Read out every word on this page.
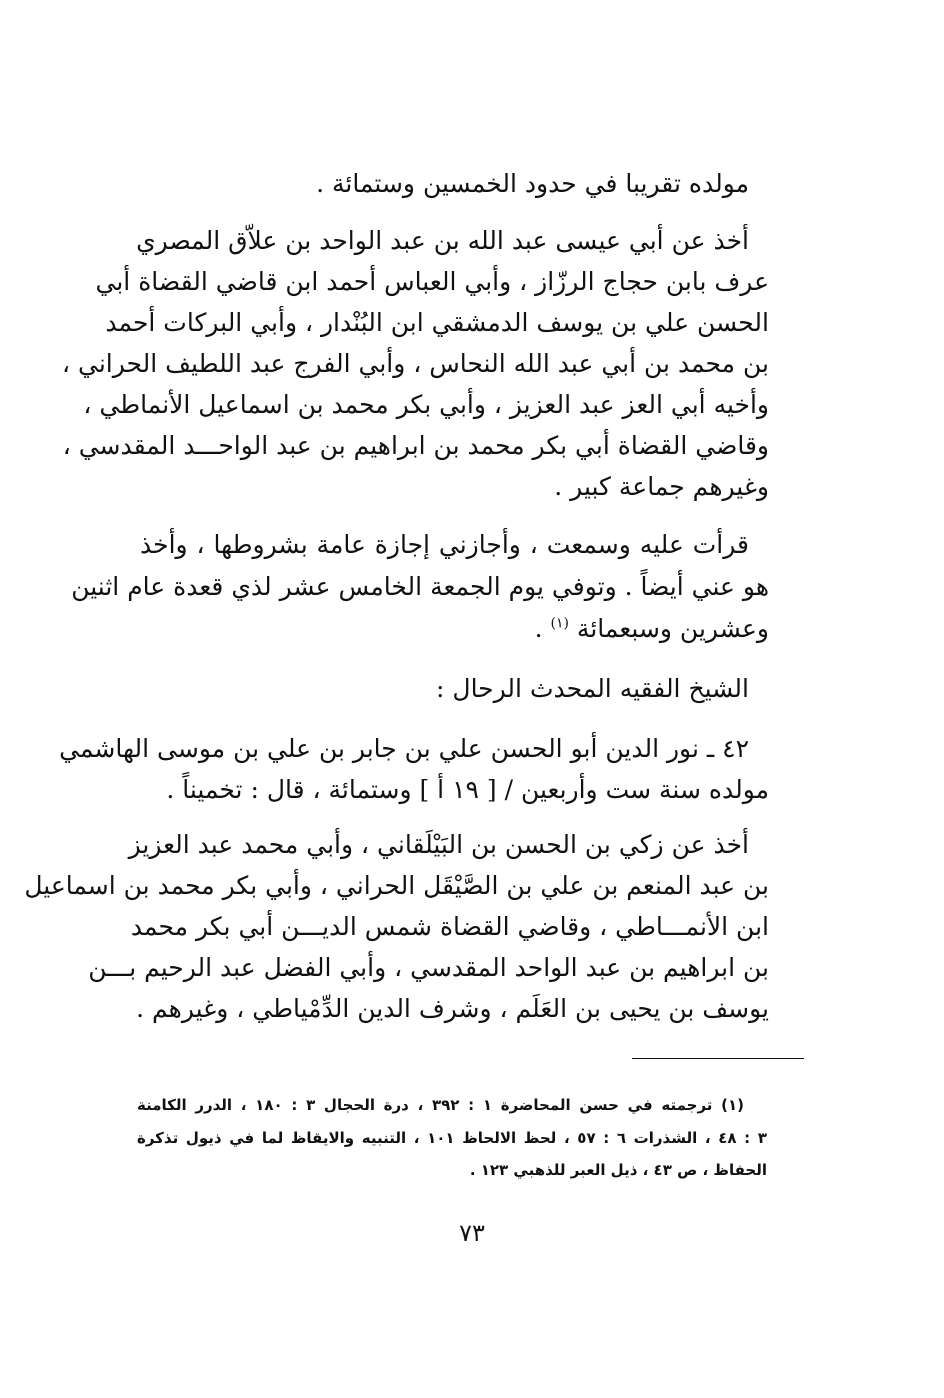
مولده تقريبا في حدود الخمسين وستمائة .
أخذ عن أبي عيسى عبد الله بن عبد الواحد بن علاّق المصري
عرف بابن حجاج الرزّاز ، وأبي العباس أحمد ابن قاضي القضاة أبي
الحسن علي بن يوسف الدمشقي ابن البُنْدار ، وأبي البركات أحمد
بن محمد بن أبي عبد الله النحاس ، وأبي الفرج عبد اللطيف الحراني ،
وأخيه أبي العز عبد العزيز ، وأبي بكر محمد بن اسماعيل الأنماطي ،
وقاضي القضاة أبي بكر محمد بن ابراهيم بن عبد الواحـــد المقدسي ،
وغيرهم جماعة كبير .
قرأت عليه وسمعت ، وأجازني إجازة عامة بشروطها ، وأخذ
هو عني أيضاً . وتوفي يوم الجمعة الخامس عشر لذي قعدة عام اثنين
وعشرين وسبعمائة $^{(١)}$ .
الشيخ الفقيه المحدث الرحال :
٤٢ ـ نور الدين أبو الحسن علي بن جابر بن علي بن موسى الهاشمي
مولده سنة ست وأربعين / [ ١٩ أ ] وستمائة ، قال : تخميناً .
أخذ عن زكي بن الحسن بن البَيْلَقاني ، وأبي محمد عبد العزيز
بن عبد المنعم بن علي بن الصَّيْقَل الحراني ، وأبي بكر محمد بن اسماعيل
ابن الأنمـــاطي ، وقاضي القضاة شمس الديـــن أبي بكر محمد
بن ابراهيم بن عبد الواحد المقدسي ، وأبي الفضل عبد الرحيم بـــن
يوسف بن يحيى بن العَلَم ، وشرف الدين الدِّمْياطي ، وغيرهم .
(١) ترجمته في حسن المحاضرة ١ : ٣٩٢ ، درة الحجال ٣ : ١٨٠ ، الدرر الكامنة
٣ : ٤٨ ، الشذرات ٦ : ٥٧ ، لحظ الالحاظ ١٠١ ، التنبيه والايقاظ لما في ذيول تذكرة
الحفاظ ، ص ٤٣ ، ذيل العبر للذهبي ١٢٣ .
٧٣
